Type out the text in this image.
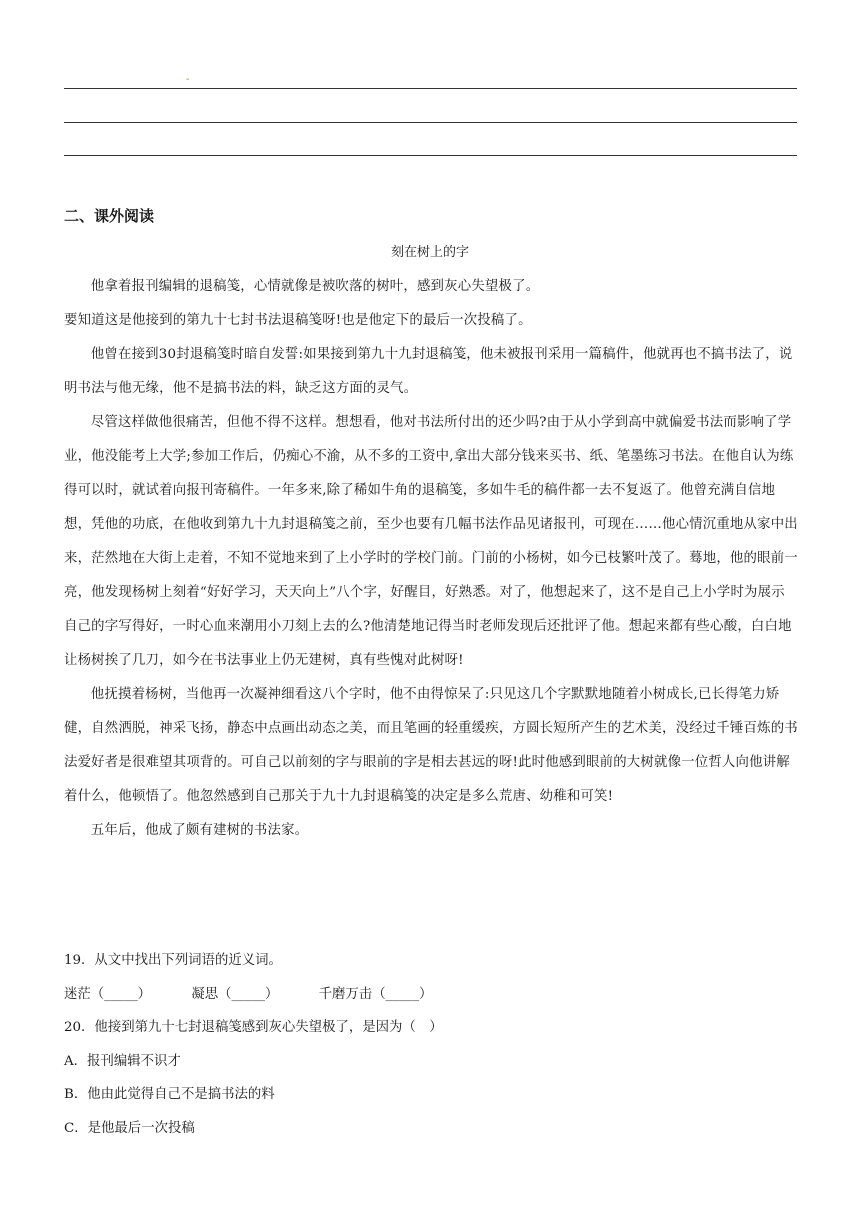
-
二、课外阅读
刻在树上的字

他拿着报刊编辑的退稿笺，心情就像是被吹落的树叶，感到灰心失望极了。

要知道这是他接到的第九十七封书法退稿笺呀!也是他定下的最后一次投稿了。

他曾在接到30封退稿笺时暗自发誓:如果接到第九十九封退稿笺，他未被报刊采用一篇稿件，他就再也不搞书法了，说明书法与他无缘，他不是搞书法的料，缺乏这方面的灵气。

尽管这样做他很痛苦，但他不得不这样。想想看，他对书法所付出的还少吗?由于从小学到高中就偏爱书法而影响了学业，他没能考上大学;参加工作后，仍痴心不渝，从不多的工资中,拿出大部分钱来买书、纸、笔墨练习书法。在他自认为练得可以时，就试着向报刊寄稿件。一年多来,除了稀如牛角的退稿笺，多如牛毛的稿件都一去不复返了。他曾充满自信地想，凭他的功底，在他收到第九十九封退稿笺之前，至少也要有几幅书法作品见诸报刊，可现在……他心情沉重地从家中出来，茫然地在大街上走着，不知不觉地来到了上小学时的学校门前。门前的小杨树，如今已枝繁叶茂了。蓦地，他的眼前一亮，他发现杨树上刻着“好好学习，天天向上”八个字，好醒目，好熟悉。对了，他想起来了，这不是自己上小学时为展示自己的字写得好，一时心血来潮用小刀刻上去的么?他清楚地记得当时老师发现后还批评了他。想起来都有些心酸，白白地让杨树挨了几刀，如今在书法事业上仍无建树，真有些愧对此树呀!

他抚摸着杨树，当他再一次凝神细看这八个字时，他不由得惊呆了:只见这几个字默默地随着小树成长,已长得笔力矫健，自然洒脱，神采飞扬，静态中点画出动态之美，而且笔画的轻重缓疾，方圆长短所产生的艺术美，没经过千锤百炼的书法爱好者是很难望其项背的。可自己以前刻的字与眼前的字是相去甚远的呀!此时他感到眼前的大树就像一位哲人向他讲解着什么，他顿悟了。他忽然感到自己那关于九十九封退稿笺的决定是多么荒唐、幼稚和可笑!

五年后，他成了颇有建树的书法家。

19．从文中找出下列词语的近义词。
迷茫（_____）	凝思（_____）	千磨万击（_____）
20．他接到第九十七封退稿笺感到灰心失望极了，是因为（　）
A．报刊编辑不识才
B．他由此觉得自己不是搞书法的料
C．是他最后一次投稿
